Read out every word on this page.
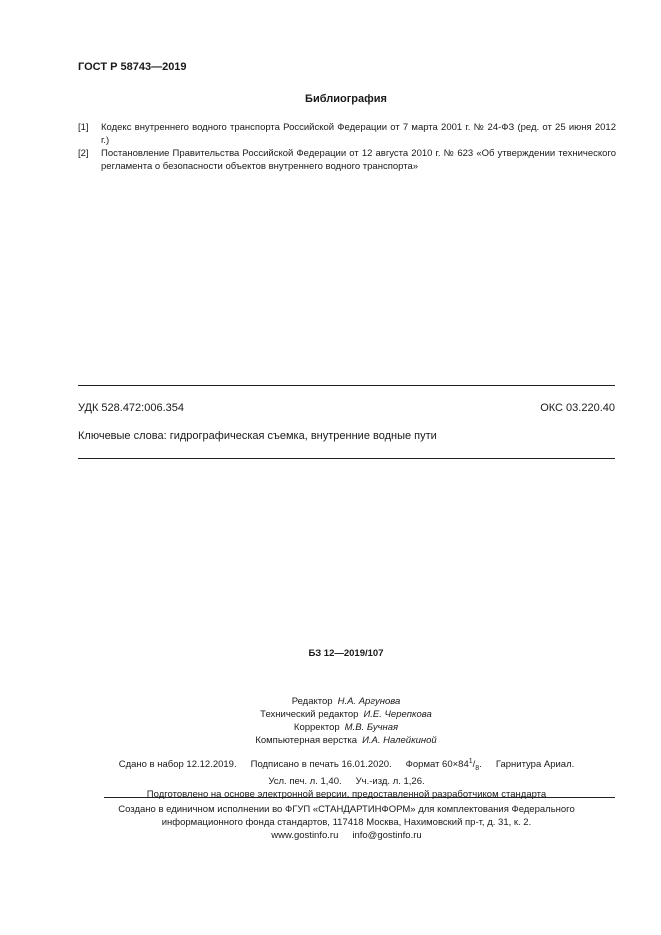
ГОСТ Р 58743—2019
Библиография
[1] Кодекс внутреннего водного транспорта Российской Федерации от 7 марта 2001 г. № 24-ФЗ (ред. от 25 июня 2012 г.)
[2] Постановление Правительства Российской Федерации от 12 августа 2010 г. № 623 «Об утверждении технического регламента о безопасности объектов внутреннего водного транспорта»
УДК 528.472:006.354	ОКС 03.220.40
Ключевые слова: гидрографическая съемка, внутренние водные пути
БЗ 12—2019/107
Редактор Н.А. Аргунова
Технический редактор И.Е. Черепкова
Корректор М.В. Бучная
Компьютерная верстка И.А. Налейкиной
Сдано в набор 12.12.2019. Подписано в печать 16.01.2020. Формат $60\times 84^1/_8$. Гарнитура Ариал.
Усл. печ. л. 1,40. Уч.-изд. л. 1,26.
Подготовлено на основе электронной версии, предоставленной разработчиком стандарта
Создано в единичном исполнении во ФГУП «СТАНДАРТИНФОРМ» для комплектования Федерального
информационного фонда стандартов, 117418 Москва, Нахимовский пр-т, д. 31, к. 2.
www.gostinfo.ru info@gostinfo.ru
